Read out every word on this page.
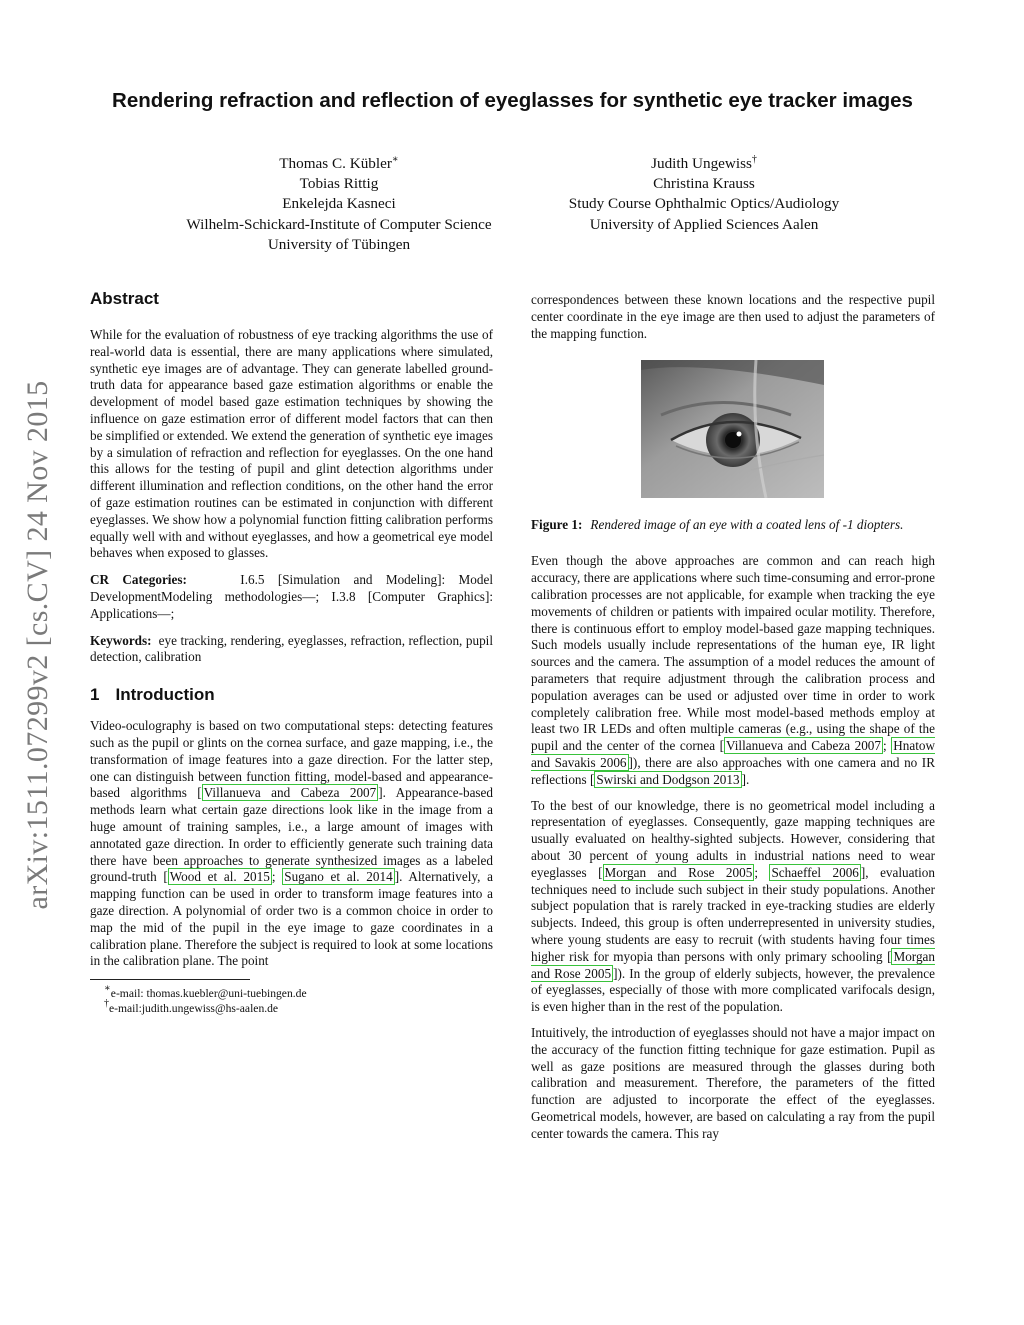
Rendering refraction and reflection of eyeglasses for synthetic eye tracker images
Thomas C. Kübler∗
Tobias Rittig
Enkelejda Kasneci
Wilhelm-Schickard-Institute of Computer Science
University of Tübingen
Judith Ungewiss†
Christina Krauss
Study Course Ophthalmic Optics/Audiology
University of Applied Sciences Aalen
arXiv:1511.07299v2 [cs.CV] 24 Nov 2015
Abstract

While for the evaluation of robustness of eye tracking algorithms the use of real-world data is essential, there are many applications where simulated, synthetic eye images are of advantage. They can generate labelled ground-truth data for appearance based gaze estimation algorithms or enable the development of model based gaze estimation techniques by showing the influence on gaze estimation error of different model factors that can then be simplified or extended. We extend the generation of synthetic eye images by a simulation of refraction and reflection for eyeglasses. On the one hand this allows for the testing of pupil and glint detection algorithms under different illumination and reflection conditions, on the other hand the error of gaze estimation routines can be estimated in conjunction with different eyeglasses. We show how a polynomial function fitting calibration performs equally well with and without eyeglasses, and how a geometrical eye model behaves when exposed to glasses.

CR Categories:	I.6.5 [Simulation and Modeling]: Model DevelopmentModeling methodologies—; I.3.8 [Computer Graphics]: Applications—;

Keywords: eye tracking, rendering, eyeglasses, refraction, reflection, pupil detection, calibration

1 Introduction

Video-oculography is based on two computational steps: detecting features such as the pupil or glints on the cornea surface, and gaze mapping, i.e., the transformation of image features into a gaze direction. For the latter step, one can distinguish between function fitting, model-based and appearance-based algorithms [ Villanueva and Cabeza 2007 ]. Appearance-based methods learn what certain gaze directions look like in the image from a huge amount of training samples, i.e., a large amount of images with annotated gaze direction. In order to efficiently generate such training data there have been approaches to generate synthesized images as a labeled ground-truth [ Wood et al. 2015 ; Sugano et al. 2014 ]. Alternatively, a mapping function can be used in order to transform image features into a gaze direction. A polynomial of order two is a common choice in order to map the mid of the pupil in the eye image to gaze coordinates in a calibration plane. Therefore the subject is required to look at some locations in the calibration plane. The point

∗e-mail: thomas.kuebler@uni-tuebingen.de
†e-mail:judith.ungewiss@hs-aalen.de

correspondences between these known locations and the respective pupil center coordinate in the eye image are then used to adjust the parameters of the mapping function.

Figure 1: Rendered image of an eye with a coated lens of -1 diopters.

Even though the above approaches are common and can reach high accuracy, there are applications where such time-consuming and error-prone calibration processes are not applicable, for example when tracking the eye movements of children or patients with impaired ocular motility. Therefore, there is continuous effort to employ model-based gaze mapping techniques. Such models usually include representations of the human eye, IR light sources and the camera. The assumption of a model reduces the amount of parameters that require adjustment through the calibration process and population averages can be used or adjusted over time in order to work completely calibration free. While most model-based methods employ at least two IR LEDs and often multiple cameras (e.g., using the shape of the pupil and the center of the cornea [ Villanueva and Cabeza 2007 ; Hnatow and Savakis 2006 ]), there are also approaches with one camera and no IR reflections [ Swirski and Dodgson 2013 ].

To the best of our knowledge, there is no geometrical model including a representation of eyeglasses. Consequently, gaze mapping techniques are usually evaluated on healthy-sighted subjects. However, considering that about 30 percent of young adults in industrial nations need to wear eyeglasses [ Morgan and Rose 2005 ; Schaeffel 2006 ], evaluation techniques need to include such subject in their study populations. Another subject population that is rarely tracked in eye-tracking studies are elderly subjects. Indeed, this group is often underrepresented in university studies, where young students are easy to recruit (with students having four times higher risk for myopia than persons with only primary schooling [ Morgan and Rose 2005 ]). In the group of elderly subjects, however, the prevalence of eyeglasses, especially of those with more complicated varifocals design, is even higher than in the rest of the population.

Intuitively, the introduction of eyeglasses should not have a major impact on the accuracy of the function fitting technique for gaze estimation. Pupil as well as gaze positions are measured through the glasses during both calibration and measurement. Therefore, the parameters of the fitted function are adjusted to incorporate the effect of the eyeglasses. Geometrical models, however, are based on calculating a ray from the pupil center towards the camera. This ray
